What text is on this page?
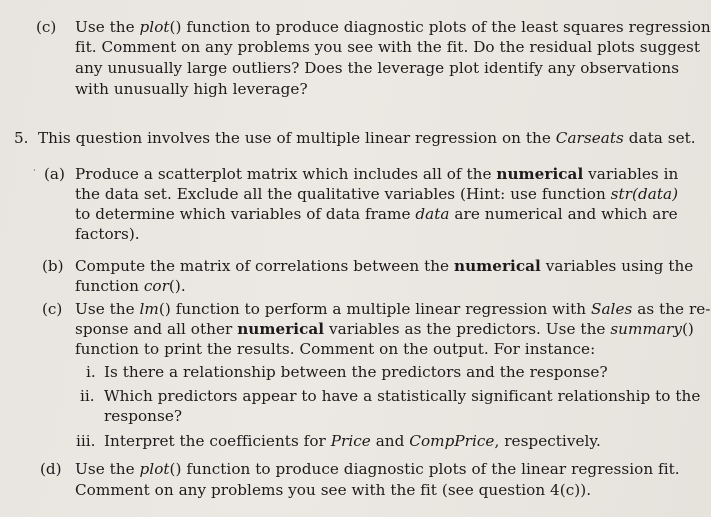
(c) Use the plot() function to produce diagnostic plots of the least squares regression
fit. Comment on any problems you see with the fit. Do the residual plots suggest
any unusually large outliers? Does the leverage plot identify any observations
with unusually high leverage?
5. This question involves the use of multiple linear regression on the Carseats data set.
(a) Produce a scatterplot matrix which includes all of the numerical variables in
the data set. Exclude all the qualitative variables (Hint: use function str(data)
to determine which variables of data frame data are numerical and which are
factors).
(b) Compute the matrix of correlations between the numerical variables using the
function cor().
(c) Use the lm() function to perform a multiple linear regression with Sales as the re-
sponse and all other numerical variables as the predictors. Use the summary()
function to print the results. Comment on the output. For instance:
i. Is there a relationship between the predictors and the response?
ii. Which predictors appear to have a statistically significant relationship to the
response?
iii. Interpret the coefficients for Price and CompPrice, respectively.
(d) Use the plot() function to produce diagnostic plots of the linear regression fit.
Comment on any problems you see with the fit (see question 4(c)).
·
